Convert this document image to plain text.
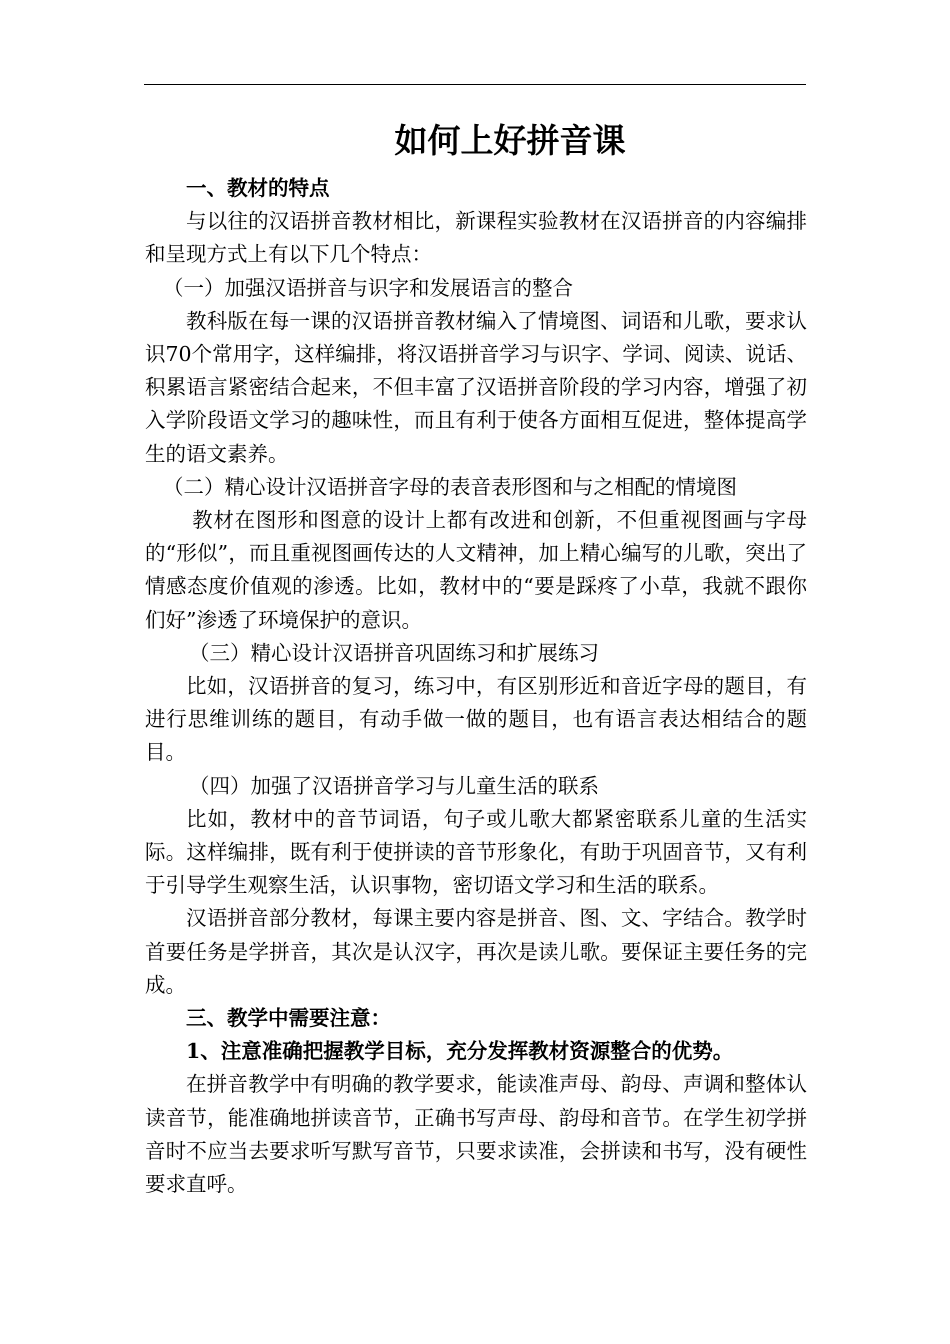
如何上好拼音课

一、教材的特点

与以往的汉语拼音教材相比，新课程实验教材在汉语拼音的内容编排和呈现方式上有以下几个特点：

（一）加强汉语拼音与识字和发展语言的整合

教科版在每一课的汉语拼音教材编入了情境图、词语和儿歌，要求认识70个常用字，这样编排，将汉语拼音学习与识字、学词、阅读、说话、积累语言紧密结合起来，不但丰富了汉语拼音阶段的学习内容，增强了初入学阶段语文学习的趣味性，而且有利于使各方面相互促进，整体提高学生的语文素养。

（二）精心设计汉语拼音字母的表音表形图和与之相配的情境图

教材在图形和图意的设计上都有改进和创新，不但重视图画与字母的“形似”，而且重视图画传达的人文精神，加上精心编写的儿歌，突出了情感态度价值观的渗透。比如，教材中的“要是踩疼了小草，我就不跟你们好”渗透了环境保护的意识。

（三）精心设计汉语拼音巩固练习和扩展练习

比如，汉语拼音的复习，练习中，有区别形近和音近字母的题目，有进行思维训练的题目，有动手做一做的题目，也有语言表达相结合的题目。

（四）加强了汉语拼音学习与儿童生活的联系

比如，教材中的音节词语，句子或儿歌大都紧密联系儿童的生活实际。这样编排，既有利于使拼读的音节形象化，有助于巩固音节，又有利于引导学生观察生活，认识事物，密切语文学习和生活的联系。

汉语拼音部分教材，每课主要内容是拼音、图、文、字结合。教学时首要任务是学拼音，其次是认汉字，再次是读儿歌。要保证主要任务的完成。

三、教学中需要注意：

1、注意准确把握教学目标，充分发挥教材资源整合的优势。

在拼音教学中有明确的教学要求，能读准声母、韵母、声调和整体认读音节，能准确地拼读音节，正确书写声母、韵母和音节。在学生初学拼音时不应当去要求听写默写音节，只要求读准，会拼读和书写，没有硬性要求直呼。
